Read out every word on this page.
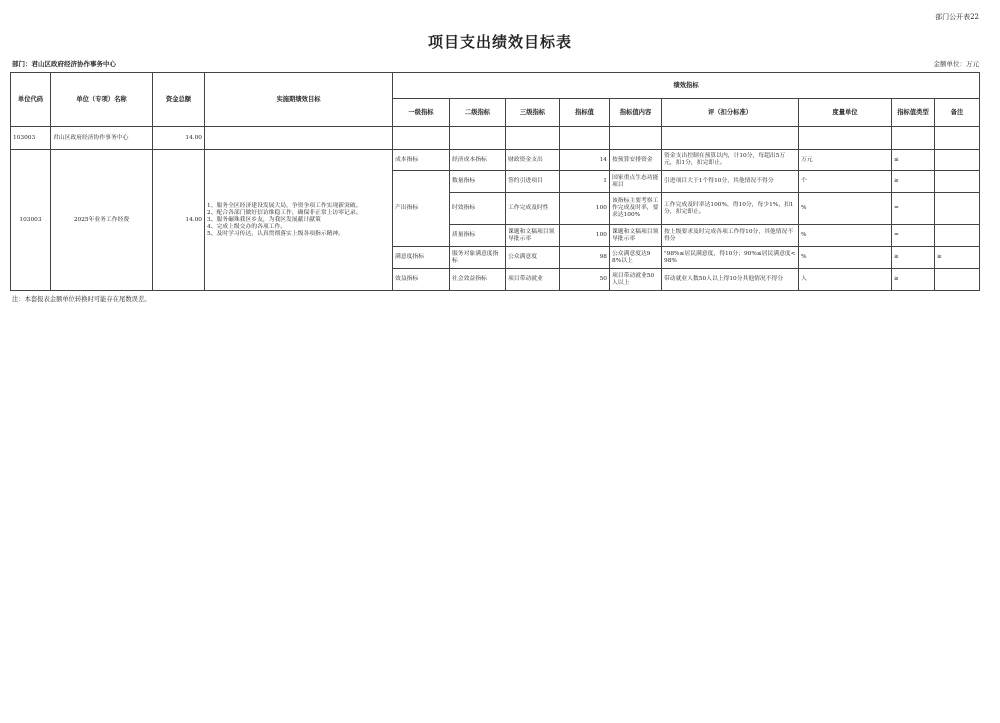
部门公开表22
项目支出绩效目标表
部门：君山区政府经济协作事务中心	金额单位：万元
单位代码	单位（专项）名称	资金总额	实施期绩效目标	绩效指标								
				一级指标	二级指标	三级指标	指标值	指标值内容	评（扣分标准）	度量单位	指标值类型	备注
103003	君山区政府经济协作事务中心	14.00										
103003	2025年业务工作经费	14.00	1、服务全区经济建设发展大局，争资争项工作实现新突破。
2、配合各部门做好信访维稳工作，确保非正常上访零记录。
3、服务碾珠我区乡友，为我区发展献计献策
4、完成上级交办的各项工作。
5、及时学习传达，认真贯彻落实上级各项指示精神。	成本指标	经济成本指标	财政资金支出	14	按预算安排资金	资金支出控制在预算以内，计10分，每超出5万元，扣1分，扣完即止。	万元	≤	
				产出指标	数量指标	签约引进项目	1	国家重点生态功能项目	引进项目大于1个得10分，其他情况不得分	个	≥	
					时效指标	工作完成及时性	100	该指标主要考察工作完成及时率，要求达100%	工作完成及时率达100%，得10分，每少1%，扣1分，扣完即止。	%	=	
					质量指标	课题和文稿项目领导批示率	100	课题和文稿项目领导批示率	按上级要求及时完成各项工作得10分，其他情况不得分	%	=	
				满意度指标	服务对象满意度指标	公众满意度	98	公众满意度达98%以上	"98%≤居民满意度，得10分；90%≤居民满意度<98%	%	≥	≥
				效益指标	社会效益指标	项目带动就业	50	项目带动就业50人以上	带动就业人数50人以上得10分其他情况不得分	人	≥	
注：本套报表金额单位转换时可能存在尾数误差。
